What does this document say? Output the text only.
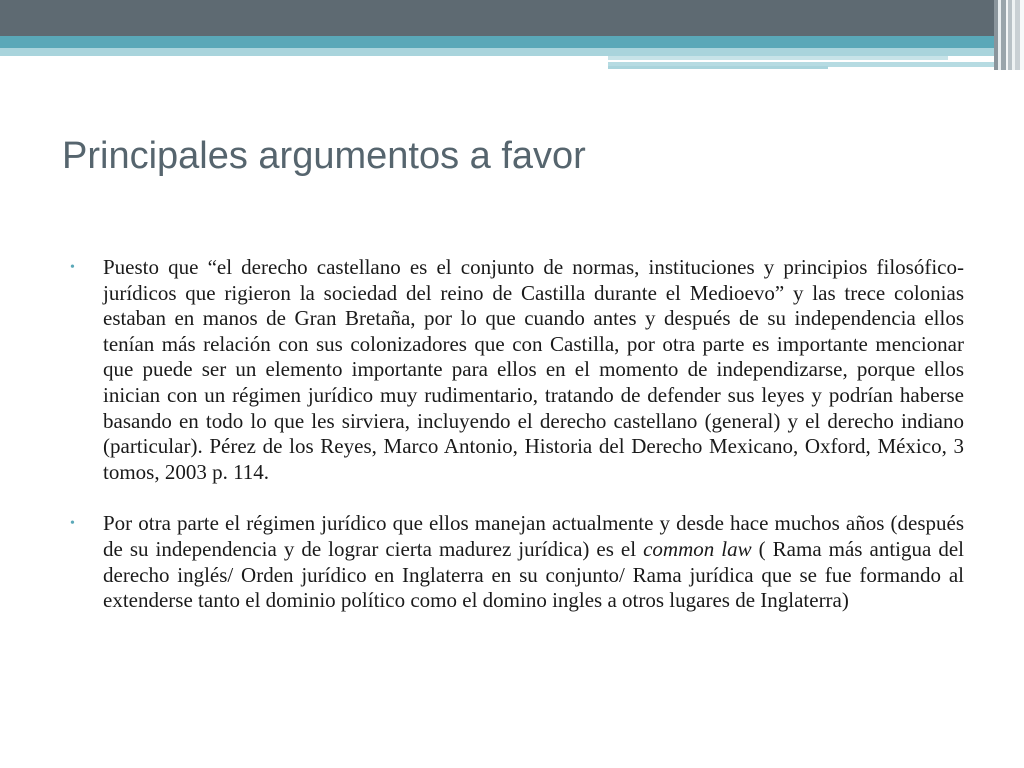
Principales argumentos a favor
• Puesto que “el derecho castellano es el conjunto de normas, instituciones y principios filosófico-jurídicos que rigieron la sociedad del reino de Castilla durante el Medioevo” y las trece colonias estaban en manos de Gran Bretaña, por lo que cuando antes y después de su independencia ellos tenían más relación con sus colonizadores que con Castilla, por otra parte es importante mencionar que puede ser un elemento importante para ellos en el momento de independizarse, porque ellos inician con un régimen jurídico muy rudimentario, tratando de defender sus leyes y podrían haberse basando en todo lo que les sirviera, incluyendo el derecho castellano (general) y el derecho indiano (particular). Pérez de los Reyes, Marco Antonio, Historia del Derecho Mexicano, Oxford, México, 3 tomos, 2003 p. 114.
• Por otra parte el régimen jurídico que ellos manejan actualmente y desde hace muchos años (después de su independencia y de lograr cierta madurez jurídica) es el common law ( Rama más antigua del derecho inglés/ Orden jurídico en Inglaterra en su conjunto/ Rama jurídica que se fue formando al extenderse tanto el dominio político como el domino ingles a otros lugares de Inglaterra)
